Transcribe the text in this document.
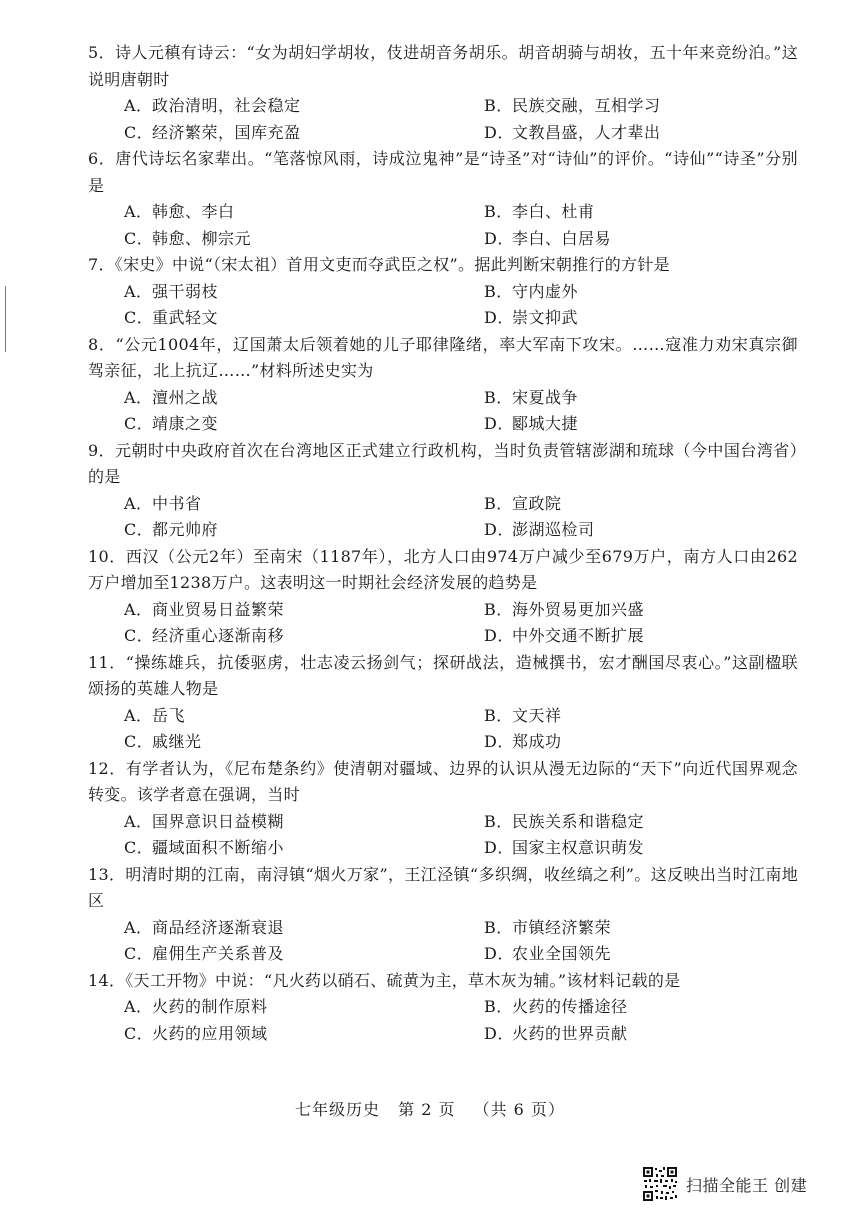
5．诗人元稹有诗云：“女为胡妇学胡妆，伎进胡音务胡乐。胡音胡骑与胡妆，五十年来竞纷泊。”这说明唐朝时
A．政治清明，社会稳定	B．民族交融，互相学习
C．经济繁荣，国库充盈	D．文教昌盛，人才辈出
6．唐代诗坛名家辈出。“笔落惊风雨，诗成泣鬼神”是“诗圣”对“诗仙”的评价。“诗仙”“诗圣”分别是
A．韩愈、李白	B．李白、杜甫
C．韩愈、柳宗元	D．李白、白居易
7．《宋史》中说“（宋太祖）首用文吏而夺武臣之权”。据此判断宋朝推行的方针是
A．强干弱枝	B．守内虚外
C．重武轻文	D．崇文抑武
8．“公元1004年，辽国萧太后领着她的儿子耶律隆绪，率大军南下攻宋。……寇准力劝宋真宗御驾亲征，北上抗辽……”材料所述史实为
A．澶州之战	B．宋夏战争
C．靖康之变	D．郾城大捷
9．元朝时中央政府首次在台湾地区正式建立行政机构，当时负责管辖澎湖和琉球（今中国台湾省）的是
A．中书省	B．宣政院
C．都元帅府	D．澎湖巡检司
10．西汉（公元2年）至南宋（1187年），北方人口由974万户减少至679万户，南方人口由262万户增加至1238万户。这表明这一时期社会经济发展的趋势是
A．商业贸易日益繁荣	B．海外贸易更加兴盛
C．经济重心逐渐南移	D．中外交通不断扩展
11．“操练雄兵，抗倭驱虏，壮志凌云扬剑气；探研战法，造械撰书，宏才酬国尽衷心。”这副楹联颂扬的英雄人物是
A．岳飞	B．文天祥
C．戚继光	D．郑成功
12．有学者认为，《尼布楚条约》使清朝对疆域、边界的认识从漫无边际的“天下”向近代国界观念转变。该学者意在强调，当时
A．国界意识日益模糊	B．民族关系和谐稳定
C．疆域面积不断缩小	D．国家主权意识萌发
13．明清时期的江南，南浔镇“烟火万家”，王江泾镇“多织绸，收丝缟之利”。这反映出当时江南地区
A．商品经济逐渐衰退	B．市镇经济繁荣
C．雇佣生产关系普及	D．农业全国领先
14．《天工开物》中说：“凡火药以硝石、硫黄为主，草木灰为辅。”该材料记载的是
A．火药的制作原料	B．火药的传播途径
C．火药的应用领域	D．火药的世界贡献
七年级历史 第 2 页 （共 6 页）
扫描全能王 创建
